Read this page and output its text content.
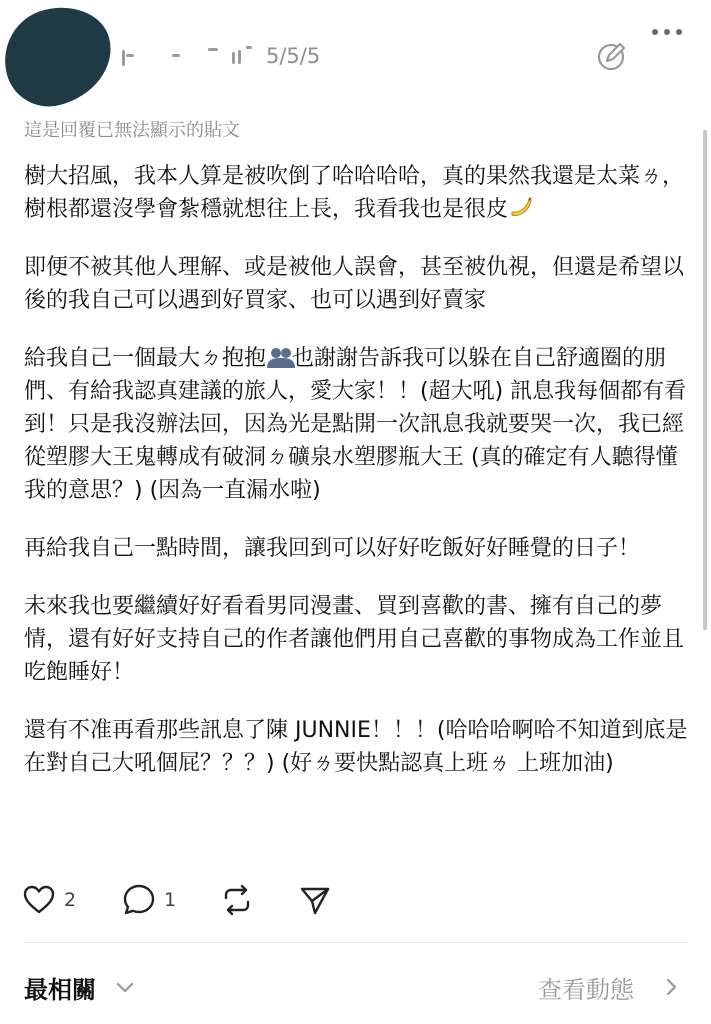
5/5/5
這是回覆已無法顯示的貼文

樹大招風，我本人算是被吹倒了哈哈哈哈，真的果然我還是太菜ㄌ，樹根都還沒學會紮穩就想往上長，我看我也是很皮

即便不被其他人理解、或是被他人誤會，甚至被仇視，但還是希望以後的我自己可以遇到好買家、也可以遇到好賣家

給我自己一個最大ㄉ抱抱 也謝謝告訴我可以躲在自己舒適圈的朋們、有給我認真建議的旅人，愛大家！！(超大吼) 訊息我每個都有看到！只是我沒辦法回，因為光是點開一次訊息我就要哭一次，我已經從塑膠大王鬼轉成有破洞ㄉ礦泉水塑膠瓶大王 (真的確定有人聽得懂我的意思？) (因為一直漏水啦)

再給我自己一點時間，讓我回到可以好好吃飯好好睡覺的日子！

未來我也要繼續好好看看男同漫畫、買到喜歡的書、擁有自己的夢情，還有好好支持自己的作者讓他們用自己喜歡的事物成為工作並且吃飽睡好！

還有不准再看那些訊息了陳 JUNNIE！！！(哈哈哈啊哈不知道到底是在對自己大吼個屁？？？) (好ㄌ要快點認真上班ㄌ 上班加油)

2	1
最相關	查看動態
